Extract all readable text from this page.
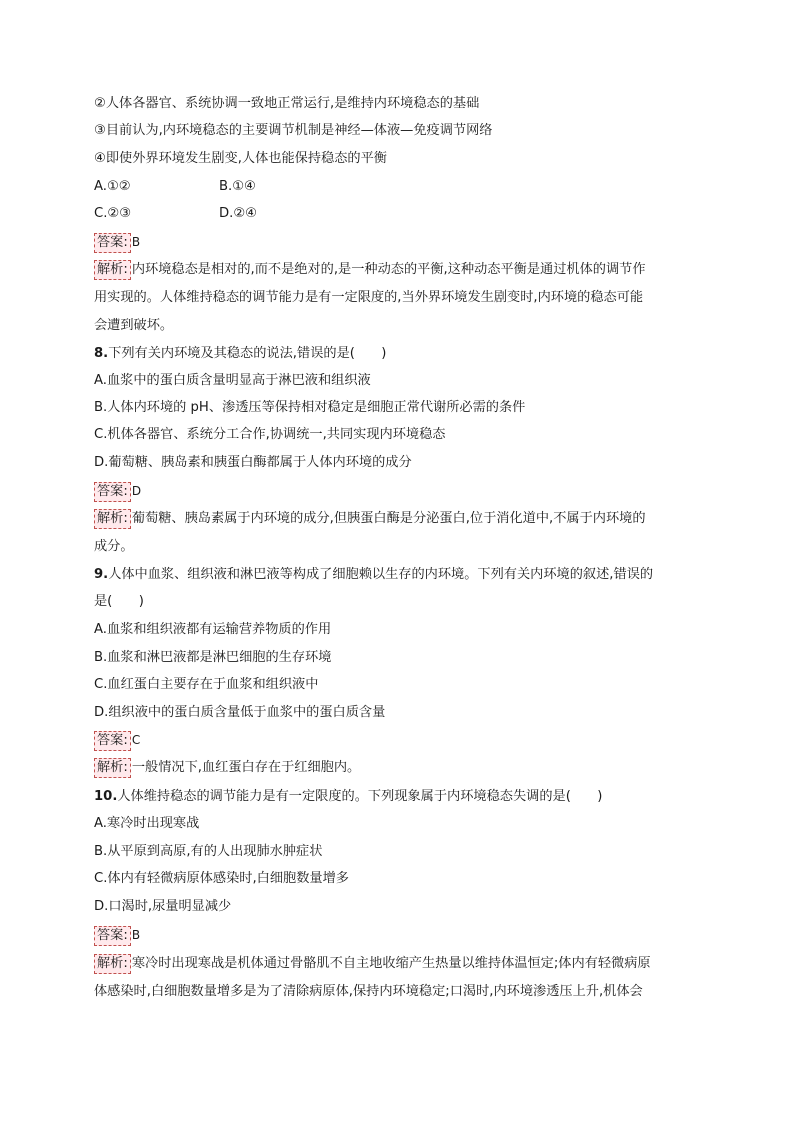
②人体各器官、系统协调一致地正常运行,是维持内环境稳态的基础
③目前认为,内环境稳态的主要调节机制是神经—体液—免疫调节网络
④即使外界环境发生剧变,人体也能保持稳态的平衡
A.①②	B.①④
C.②③	D.②④
答案: B
解析: 内环境稳态是相对的,而不是绝对的,是一种动态的平衡,这种动态平衡是通过机体的调节作
用实现的。人体维持稳态的调节能力是有一定限度的,当外界环境发生剧变时,内环境的稳态可能
会遭到破坏。
8.下列有关内环境及其稳态的说法,错误的是(　　)
A.血浆中的蛋白质含量明显高于淋巴液和组织液
B.人体内环境的 pH、渗透压等保持相对稳定是细胞正常代谢所必需的条件
C.机体各器官、系统分工合作,协调统一,共同实现内环境稳态
D.葡萄糖、胰岛素和胰蛋白酶都属于人体内环境的成分
答案: D
解析: 葡萄糖、胰岛素属于内环境的成分,但胰蛋白酶是分泌蛋白,位于消化道中,不属于内环境的
成分。
9.人体中血浆、组织液和淋巴液等构成了细胞赖以生存的内环境。下列有关内环境的叙述,错误的
是(　　)
A.血浆和组织液都有运输营养物质的作用
B.血浆和淋巴液都是淋巴细胞的生存环境
C.血红蛋白主要存在于血浆和组织液中
D.组织液中的蛋白质含量低于血浆中的蛋白质含量
答案: C
解析: 一般情况下,血红蛋白存在于红细胞内。
10.人体维持稳态的调节能力是有一定限度的。下列现象属于内环境稳态失调的是(　　)
A.寒冷时出现寒战
B.从平原到高原,有的人出现肺水肿症状
C.体内有轻微病原体感染时,白细胞数量增多
D.口渴时,尿量明显减少
答案: B
解析: 寒冷时出现寒战是机体通过骨骼肌不自主地收缩产生热量以维持体温恒定;体内有轻微病原
体感染时,白细胞数量增多是为了清除病原体,保持内环境稳定;口渴时,内环境渗透压上升,机体会
